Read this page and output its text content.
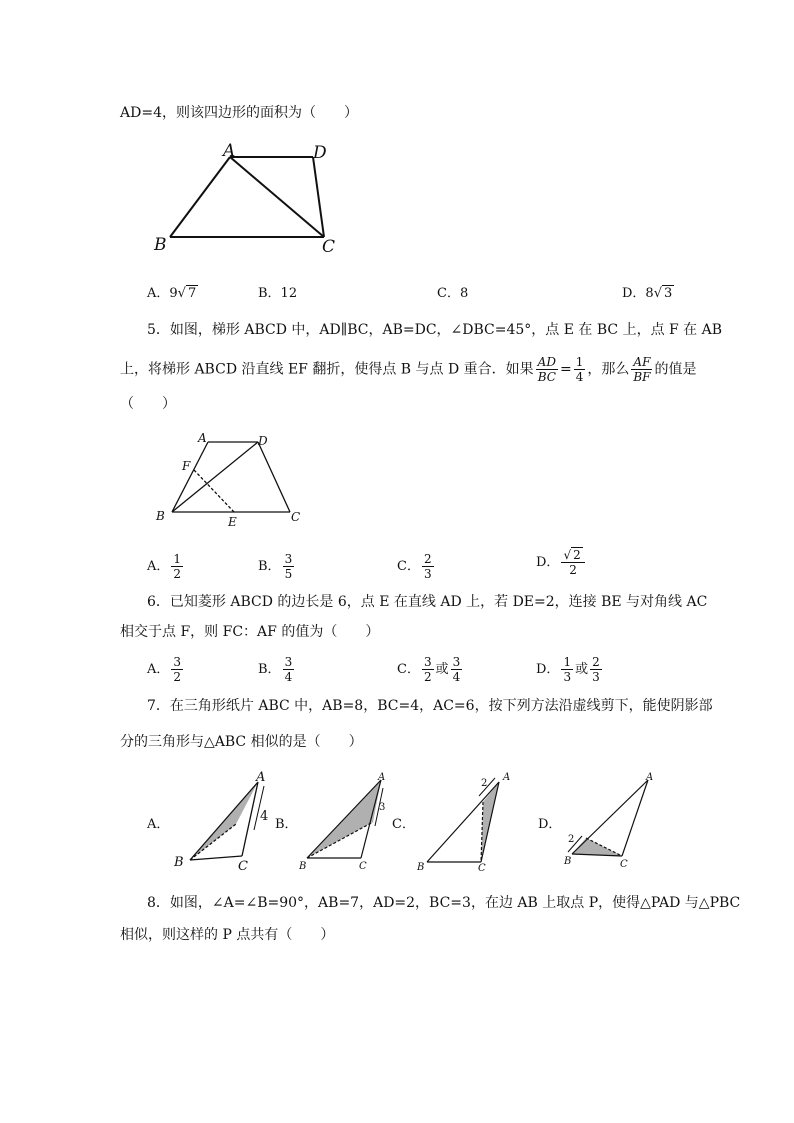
AD=4，则该四边形的面积为（　　）
A	D
B	C
A．9√ 7	B．12	C．8	D．8√ 3
5．如图，梯形 ABCD 中，AD∥BC，AB=DC，∠DBC=45°，点 E 在 BC 上，点 F 在 AB
上，将梯形 ABCD 沿直线 EF 翻折，使得点 B 与点 D 重合．如果 $\frac{AD}{BC} = \frac{1}{4}$ ，那么 $\frac{AF}{BF}$ 的值是
（　　）
A	D
F
B	E	C
A． $\frac{1}{2}$	B． $\frac{3}{5}$	C． $\frac{2}{3}$	D． $\frac{√ 2}{2}$
6．已知菱形 ABCD 的边长是 6，点 E 在直线 AD 上，若 DE=2，连接 BE 与对角线 AC
相交于点 F，则 FC：AF 的值为（　　）
A． $\frac{3}{2}$	B． $\frac{3}{4}$	C． $\frac{3}{2}$ 或 $\frac{3}{4}$	D． $\frac{1}{3}$ 或 $\frac{2}{3}$
7．在三角形纸片 ABC 中，AB=8，BC=4，AC=6，按下列方法沿虚线剪下，能使阴影部
分的三角形与△ABC 相似的是（　　）
A．	B．	C．	D．
A
B	C
4
A
B	C
3
A
B	C
2
A
B	C
2
8．如图，∠A=∠B=90°，AB=7，AD=2，BC=3，在边 AB 上取点 P，使得△PAD 与△PBC
相似，则这样的 P 点共有（　　）
